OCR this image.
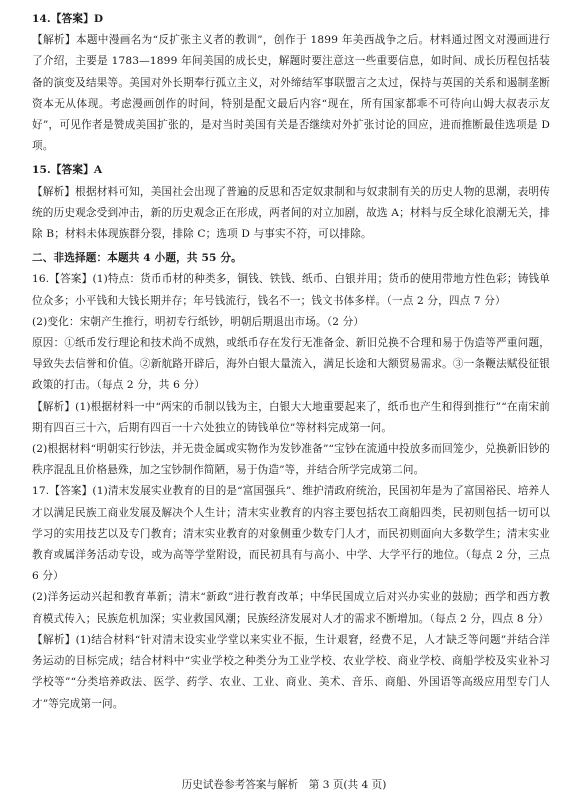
14.【答案】D

【解析】本题中漫画名为“反扩张主义者的教训”，创作于 1899 年美西战争之后。材料通过图文对漫画进行了介绍，主要是 1783—1899 年间美国的成长史，解题时要注意这一些重要信息，如时间、成长历程包括装备的演变及结果等。美国对外长期奉行孤立主义，对外缔结军事联盟言之太过，保持与英国的关系和遏制垄断资本无从体现。考虑漫画创作的时间，特别是配文最后内容“现在，所有国家都乖不可待向山姆大叔表示友好”，可见作者是赞成美国扩张的，是对当时美国有关是否继续对外扩张讨论的回应，进而推断最佳选项是 D 项。

15.【答案】A

【解析】根据材料可知，美国社会出现了普遍的反思和否定奴隶制和与奴隶制有关的历史人物的思潮，表明传统的历史观念受到冲击，新的历史观念正在形成，两者间的对立加剧，故选 A；材料与反全球化浪潮无关，排除 B；材料未体现族群分裂，排除 C；选项 D 与事实不符，可以排除。

二、非选择题：本题共 4 小题，共 55 分。

16.【答案】(1)特点：货币币材的种类多，铜钱、铁钱、纸币、白银并用；货币的使用带地方性色彩；铸钱单位众多；小平钱和大钱长期并存；年号钱流行，钱名不一；钱文书体多样。（一点 2 分，四点 7 分）

(2)变化：宋朝产生推行，明初专行纸钞，明朝后期退出市场。（2 分）

原因：①纸币发行理论和技术尚不成熟，或纸币存在发行无准备金、新旧兑换不合理和易于伪造等严重问题，导致失去信誉和价值。②新航路开辟后，海外白银大量流入，满足长途和大额贸易需求。③一条鞭法赋役征银政策的打击。（每点 2 分，共 6 分）

【解析】(1)根据材料一中“两宋的币制以钱为主，白银大大地重要起来了，纸币也产生和得到推行”“在南宋前期有四百三十六，后期有四百一十六处独立的铸钱单位”等材料完成第一问。

(2)根据材料“明朝实行钞法，并无贵金属或实物作为发钞准备”“宝钞在流通中投放多而回笼少，兑换新旧钞的秩序混乱且价格悬殊，加之宝钞制作简陋，易于伪造”等，并结合所学完成第二问。

17.【答案】(1)清末发展实业教育的目的是“富国强兵”、维护清政府统治，民国初年是为了富国裕民、培养人才以满足民族工商业发展及解决个人生计；清末实业教育的内容主要包括农工商船四类，民初则包括一切可以学习的实用技艺以及专门教育；清末实业教育的对象侧重少数专门人才，而民初则面向大多数学生；清末实业教育或属洋务活动专设，或为高等学堂附设，而民初具有与高小、中学、大学平行的地位。（每点 2 分，三点 6 分）

(2)洋务运动兴起和教育革新；清末“新政”进行教育改革；中华民国成立后对兴办实业的鼓励；西学和西方教育模式传入；民族危机加深；实业救国风潮；民族经济发展对人才的需求不断增加。（每点 2 分，四点 8 分）

【解析】(1)结合材料“针对清末设实业学堂以来实业不振，生计艰窘，经费不足，人才缺乏等问题”并结合洋务运动的目标完成；结合材料中“实业学校之种类分为工业学校、农业学校、商业学校、商船学校及实业补习学校等”“分类培养政法、医学、药学、农业、工业、商业、美术、音乐、商船、外国语等高级应用型专门人才”等完成第一问。

历史试卷参考答案与解析　第 3 页(共 4 页)
